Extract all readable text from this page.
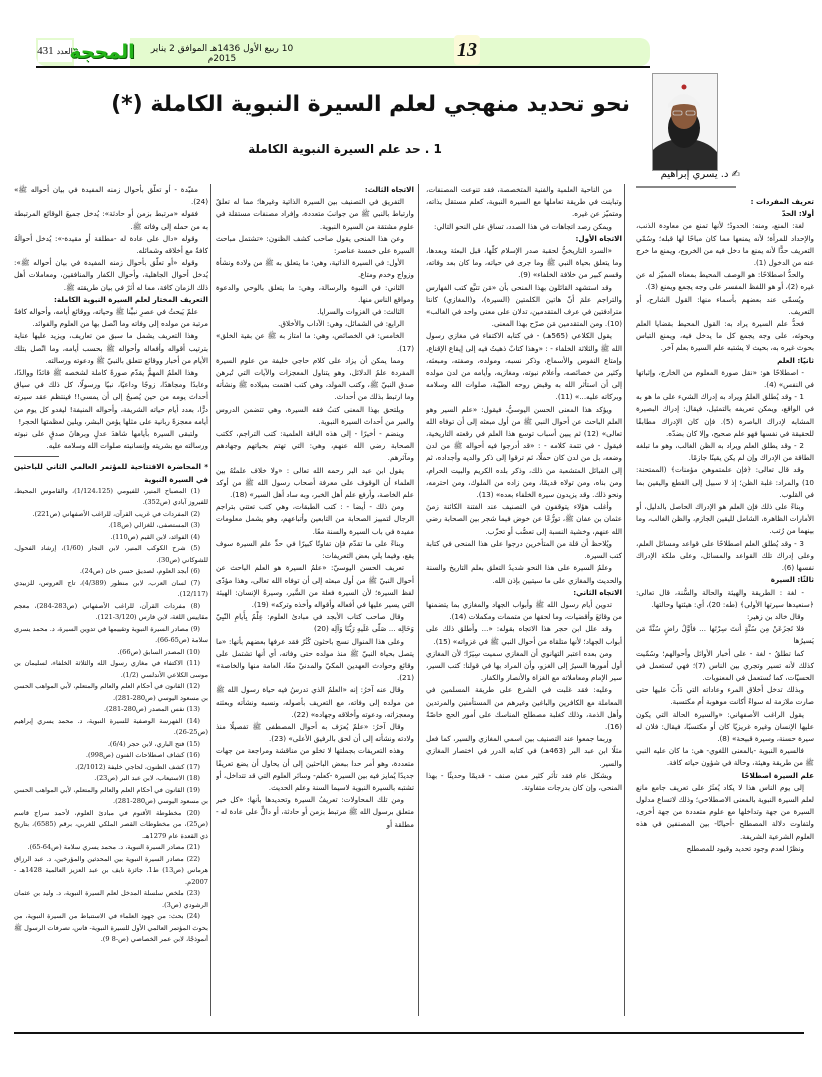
العدد
431 المحجة	10 ربيع الأول 1436هـ الموافق 2 يناير 2015م	13
نحو تحديد منهجي لعلم السيرة النبوية الكاملة (*)
1 . حد علم السيرة النبوية الكاملة
✍ د. يسري إبراهيم

تعريف المفردات :

أولا: الحدّ

لغة: المنع، ومنه: الحدودُ؛ لأنها تمنع من معاودة الذنب، والإحداد للمرأة؛ لأنه يمنعها مما كان مباحًا لها قبله؛ وسُمّي التعريف حدًّا لأنه يمنع ما دخل فيه من الخروج، ويمنع ما خرج عنه من الدخول (1).

والحدُّ اصطلاحًا: هو الوصف المحيط بمعناه المميّز له عن غيره (2)، أو هو اللفظ المفسر على وجه يجمع ويمنع (3).

ويُسمّى عند بعضهم بأسماء منها: القول الشارح، أو التعريف.

فحدُّ علم السيرة يراد به: القول المحيط بقضايا العلم وبحوثه، على وجه يجمع كل ما يدخل فيه، ويمنع التباس بحوث غيره به، بحيث لا يشتبه علم السيرة بعلم آخر.

ثانيًا: العلم

- اصطلاحًا هو: «نقل صورة المعلوم من الخارج، وإثباتها في النفس» (4).

1 - وقد يُطلق العلمُ ويراد به إدراك الشيء على ما هو به في الواقع، ويمكن تعريفه بالتمثيل، فيقال: إدراك البصيرة المشابه لإدراك الباصرة (5). فإن كان الإدراك مطابقًا للحقيقة في نفسها فهو علم صحيح، وإلا كان بضدّه.

2 - وقد يطلق العلم ويراد به الظن الغالب، وهو ما تبلغه الطاقة من الإدراك وإن لم يكن يقينًا جازمًا.

وقد قال تعالى: ﴿فإن علمتموهن مؤمنات﴾ (الممتحنة: 10) والمراد: غلبة الظن؛ إذ لا سبيل إلى القطع واليقين بما في القلوب.

وبناءً على ذلك فإن العلم هو الإدراك الحاصل بالدليل، أو الأمارات الظاهرة، الشامل لليقين الجازم، والظن الغالب، وما بينهما من رُتب.

3 - وقد يُطلق العلم اصطلاحًا على قواعد ومسائل العلم، وعلى إدراك تلك القواعد والمسائل، وعلى ملكة الإدراك نفسها (6).

ثالثًا: السيرة

- لغة : الطريقة والهيئة والحالة والسُّنة، قال تعالى: ﴿سنعيدها سيرتها الأولى﴾ (طه: 20)، أي: هيئتها وحالتها.

وقال خالد بن زهير:

فلا تَجزَعَنْ مِن سُنَّةٍ أنتَ سِرْتَها ... فأوَّلُ راضٍ سُنَّةً مَن يَسيرُها

كما تطلقُ - لغة - على أخبار الأوائل وأحوالهم؛ وسُمّيت كذلك لأنه تسير وتجري بين الناس (7)؛ فهي تُستعمل في الحسيّات، كما تُستعمل في المعنويات.

وبذلك تدخل أخلاق المرء وعاداته التي دَأَبَ عليها حتى صارت ملازمة له سواءً أكانت موهوبة أم مكتسبة.

يقول الراغب الأصفهاني: «والسيرة الحالة التي يكون عليها الإنسان وغيره غريزيًا كان أو مكتسبًا، فيقال: فلان له سيرة حسنة، وسيرة قبيحة» (8).

فالسيرة النبوية -بالمعنى اللغوي- هي: ما كان عليه النبي ﷺ من طريقة وهيئة، وحالة في شؤون حياته كافة.

علم السيرة اصطلاحًا

إلى يوم الناس هذا لا يكاد يُعثَرُ على تعريف جامع مانع لعلم السيرة النبوية بالمعنى الاصطلاحي؛ وذلك لاتساع مدلول السيرة من جهة وتداخلها مع علوم متعددة من جهة أخرى، ولتفاوت دلالة المصطلح -أحيانًا- بين المصنفين في هذه العلوم الشرعية الشريفة.

ونظرًا لعدم وجود تحديد وقيود للمصطلح

من الناحية العلمية والفنية المتخصصة، فقد تنوعت المصنفات، وتباينت في طريقة تعاملها مع السيرة النبوية، كعلم مستقل بذاته، ومتميّز عن غيره.

ويمكن رصد اتجاهات في هذا الصدد، تساق على النحو التالي:

الاتجاه الأول:

«السرد التاريخيُّ لحقبة صدر الإسلام كلّها، قبل البعثة وبعدها، وما يتعلق بحياة النبي ﷺ وما جرى في حياته، وما كان بعد وفاته، وقسم كبير من خلافة الخلفاء» (9).

وقد استشهد القائلون بهذا المنحى بأن «مَن تتبَّع كتب الفهارس والتراجم علمَ أنّ هاتين الكلمتين (السيرة)، و(المغازي) كانتا مترادفتين في عرف المتقدمين، تدلان على معنى واحد في الغالب» (10). ومن المتقدمين مَن صرّح بهذا المعنى.

يقول الكلاعي (565هـ) - في كتابه الاكتفاء في مغازي رسول الله ﷺ والثلاثة الخلفاء - : «وهذا كتابٌ ذهبتُ فيه إلى إيقاع الإقناع، وإمتاع النفوس والأسماع، وذكر نسبه، ومولده، وصفته، ومبعثه، وكثير من خصائصه، وأعلام نبوته، ومغازيه، وأيامه من لدن مولده إلى أن استأثر الله به وقبض روحه الطيّبة، صلوات الله وسلامه وبركاته عليه...» (11).

ويؤكد هذا المعنى الحسن اليوسيُّ، فيقول: «علم السير وهو العلم الباحث عن أحوال النبي ﷺ من أول مبعثه إلى أن توفاه الله تعالى» (12) ثم يبين أسباب توسع هذا العلم في رقعته التاريخية، فيقول - في تتمة كلامه - : «قد أدرجوا فيه أحواله ﷺ من لدن وضعه، بل من لدن كان حملًا، ثم ترقوا إلى ذكر والديه وأجداده، ثم إلى القبائل المتشعبة من ذلك، وذكر بلده الكريم والبيت الحرام، ومن بناه، ومن تولاه قديمًا، ومن زاده من الملوك، ومن احترمه، ونحو ذلك. وقد يزيدون سيرة الخلفاء بعده» (13).

وأغلب هؤلاء يتوقفون في التصنيف عند الفتنة الكائنة زمنَ عثمان بن عفان ﷺ، تورُّعًا عن خوض فيما شجر بين الصحابة رضي الله عنهم، وخشية النسبة إلى تعصُّب أو تحزّب.

ويُلاحظ أن قلة من المتأخرين درجوا على هذا المنحى في كتابة كتب السيرة.

وعلمُ السيرة على هذا النحو شديدُ التعلق بعلم التاريخ والسنة والحديث والمغازي على ما سيتبين بإذن الله.

الاتجاه الثاني:

تدوين أيام رسول الله ﷺ وأبواب الجهاد والمغازي بما يتضمنها من وقائعَ وأقضيات، وما لحقها من متممات ومكملات (14).

وقد علل ابن حجر هذا الاتجاه بقوله: «... وأطلق ذلك على أبواب الجهاد؛ لأنها متلقاة من أحوال النبي ﷺ في غزواته» (15).

ومن بعده اعتبر التهانوي أن المغازي سميت سِيَرًا؛ لأن المغازي أول أمورها السيرُ إلى الغزو، وأن المراد بها في قولنا: كتب السير، سير الإمام ومعاملاته مع الغزاة والأنصار والكفار.

وعليه: فقد غلبت في الشرع على طريقة المسلمين في المعاملة مع الكافرين والباغين وغيرهم من المستأمنين والمرتدين وأهل الذمة، وذلك كغلبة مصطلح المناسك على أمور الحج خاصّةً (16).

وربما جمعوا عند التصنيف بين اسمي المغازي والسير، كما فعل مثلًا ابن عبد البر (463هـ) في كتابه الدرر في اختصار المغازي والسير.

وبشكل عام فقد تأثر كثير ممن صنف - قديمًا وحديثًا - بهذا المنحى، وإن كان بدرجات متفاوتة.

الاتجاه الثالث:

التفريق في التصنيف بين السيرة الذاتية وغيرها؛ مما له تعلقٌ وارتباط بالنبي ﷺ من جوانبَ متعددة، وإفراد مصنفات مستقلة في علوم مشتقة من السيرة النبوية.

وعن هذا المنحى يقول صاحب كشف الظنون: «تشتمل مباحث السيرة على خمسة عناصر:

الأول: في السيرة الذاتية، وهي: ما يتعلق به ﷺ من ولادة ونشأة وزواج وخدم ومتاع.

الثاني: في النبوة والرسالة، وهي: ما يتعلق بالوحي والدعوة ومواقع الناس منها.

الثالث: في الغزوات والسرايا.

الرابع: في الشمائل، وهي: الآداب والأخلاق.

الخامس: في الخصائص، وهي: ما امتاز به ﷺ عن بقية الخلق» (17).

ومما يمكن أن يزاد على كلام حاجي خليفة من علوم السيرة المفردة علمُ الدلائل، وهو يتناول المعجزات والآيات التي تُبرهن صدق النبيّ ﷺ، وكتب المولد، وهي كتب اهتمت بميلاده ﷺ ونشأته وما ارتبط بذلك من أحداث.

ويلتحق بهذا المعنى كتبُ فقه السيرة، وهي تتضمن الدروس والعبر من أحداث السيرة النبوية.

وينضم - أخيرًا - إلى هذه الباقة العلمية: كتب التراجم، ككتب الصحابة رضي الله عنهم، وهي: التي تهتم بحياتهم وجهادهم ومآثرهم.

يقول ابن عبد البر رحمه الله تعالى : «ولا خلاف علمتُهُ بين العلماء أن الوقوف على معرفة أصحاب رسول الله ﷺ من أوكد علم الخاصة، وأرفع علم أهل الخبر، وبه ساد أهل السير» (18).

ومن ذلك - أيضا - : كتب الطبقات، وهي كتب تعتني بتراجم الرجال لتمييز الصحابة من التابعين وأتباعهم، وهو يشمل معلومات مفيدة في باب السيرة والسنة معًا.

وبناءً على ما تقدّم فإن تفاوتًا كبيرًا في حدِّ علم السيرة سوف يقع، وفيما يلي بعض التعريفات:

تعريف الحسن اليوسيّ: «علمُ السيرة هو العلم الباحث عن أحوال النبيّ ﷺ من أول مبعثه إلى أن توفاه الله تعالى، وهذا مؤدّى لفظ السيرة؛ لأن السيرة فعلة من السَّير، وسيرةُ الإنسان: الهيئة التي يسير عليها في أفعاله وأقواله وأخذه وتركه» (19).

وقال صاحب كتاب الأبجد في مبادئ العلوم: عِلْمُ بِأَيامِ النّبِيّ وَحَالِه ... صَلّى عَلَيهِ رَبُّنَا وَآلِه (20)

وعلى هذا المنوال نسج باحثون كُثُرٌ فقد عرفها بعضهم بأنها: «ما يتصل بحياة النبيّ ﷺ منذ مولده حتى وفاته، أي أنها تشتمل على وقائع وحوادث العهدين المكيّ والمدنيّ معًا، العامة منها والخاصة» (21).

وقال عنه آخرُ: إنه «العلمُ الذي تدرسُ فيه حياة رسول الله ﷺ من مولده إلى وفاته، مع التعريف بأصوله، ونسبه ونشأته وبعثته ومعجزاته، ودعوته وأخلاقه وجهاده» (22).

وقال آخرُ: «علمٌ يُعرَف به أحوال المصطفى ﷺ تفصيلًا منذ ولادته ونشأته إلى أن لحق بالرفيق الأعلى» (23).

وهذه التعريفات بجملتها لا تخلو من مناقشة ومراجعة من جهات متعددة، وهو أمر حدا ببعض الباحثين إلى أن يحاول أن يضع تعريفًا جديدًا يُمايز فيه بين السيرة -كعلم- وسائر العلوم التي قد تتداخل، أو تشتبه بالسيرة النبوية لاسيما السنة وعلم الحديث.

ومن تلك المحاولات: تعريفُ السيرة وتحديدها بأنها: «كل خبر متعلق برسول الله ﷺ مرتبط بزمن أو حادثة، أو دالٍّ على عادة له - مطلقة أو

مقيّدة - أو تعلّق بأحوال زمنه المفيدة في بيان أحواله ﷺ» (24).

فقوله «مرتبط بزمن أو حادثة»: يُدخل جميعَ الوقائع المرتبطة به من حمله إلى وفاته ﷺ.

وقوله «دال على عادة له -مطلقة أو مقيدة-»: يُدخل أحوالَهُ كافةً مع أخلاقه وشمائله.

وقوله «أو تعلّق بأحوال زمنه المفيدة في بيان أحواله ﷺ»: يُدخل أحوال الجاهلية، وأحوال الكفار والمنافقين، ومعاملات أهل ذلك الزمان كافة، مما له أثرٌ في بيان طريقته ﷺ.

التعريف المختار لعلم السيرة النبوية الكاملة:

علمٌ يَبحثُ في عصرِ نبيِّنا ﷺ وحياته، ووقائع أيامه، وأحواله كافةً مرتبة من مولده إلى وفاته وما اتّصل بها من العلوم والفوائد.

وهذا التعريف يشمل ما سبق من تعاريف، ويزيد عليها عناية بترتيب أقواله وأفعاله وأحواله ﷺ بحسب أيامه، وما اتّصل بتلك الأيام من أخبار ووقائع تتعلق بالنبيّ ﷺ ودعوته ورسالته.

وهذا العلمُ المهمُّ يقدّم صورةً كاملة لشخصه ﷺ قائدًا ووالدًا، وعابدًا ومجاهدًا، زوجًا وداعيًا، نبيًا ورسولًا، كل ذلك في سياق أحداث يومه من حين يُصبحُ إلى أن يمسي!! فينتظم عقد سيرته درًّا، بعدد أيام حياته الشريفة، وأحواله المنيفة! ليغدو كل يوم من أيامه معجزةً ربانية على مثلها يؤمن البشر، ويلين لعظمتها الحجر!

ولتبقى السيرة بأيامها شاهدَ عدلٍ وبرهانَ صدقٍ على نبوته ورسالته مع بشريته وإنسانيته صلوات الله وسلامه عليه.

* المحاضرة الافتتاحية للمؤتمر العالمي الثاني للباحثين في السيرة النبوية

(1) المصباح المنير، للفيومي (1/124،125)، والقاموس المحيط، للفيروز آبادي (ص352).

(2) المفردات في غريب القرآن، للراغب الأصفهاني (ص221).

(3) المستصفى، للغزالي (ص18).

(4) الفوائد، لابن القيم (ص110).

(5) شرح الكوكب المنير، لابن النجار (1/60)، إرشاد الفحول، للشوكاني (ص30).

(6) أبجد العلوم، لصديق حسن خان (ص24).

(7) لسان العرب، لابن منظور (4/389)، تاج العروس، للزبيدي (12/117).

(8) مفردات القرآن، للراغب الأصفهاني (ص283-284)، معجم مقاييس اللغة، لابن فارس (3/120-121).

(9) مصادر السيرة النبوية وتقييمها في تدوين السيرة، د. محمد يسري سلامة (ص65-66).

(10) المصدر السابق (ص66).

(11) الاكتفاء في مغازي رسول الله والثلاثة الخلفاء، لسليمان بن موسى الكلاعي الأندلسي (1/2).

(12) القانون في أحكام العلم والعالم والمتعلم، لأبي المواهب الحسن بن مسعود اليوسي (ص280-281).

(13) نفس المصدر (ص280-281).

(14) الفهرسة الوصفية للسيرة النبوية، د. محمد يسري إبراهيم (ص25-26).

(15) فتح الباري، لابن حجر (6/4).

(16) كشاف اصطلاحات الفنون (ص998).

(17) كشف الظنون، لحاجي خليفة (2/1012).

(18) الاستيعاب، لابن عبد البر (ص23).

(19) القانون في أحكام العلم والعالم والمتعلم، لأبي المواهب الحسن بن مسعود اليوسي (ص280-281).

(20) مخطوطة الأقنوم في مبادئ العلوم، لأحمد سراج قاسم (ص25)، من مخطوطات القصر الملكي للغربي، برقم (6585)، بتاريخ ذي القعدة عام 1279هـ.

(21) مصادر السيرة النبوية، د. محمد يسري سلامة (ص64-65).

(22) مصادر السيرة النبوية بين المحدثين والمؤرخين، د. عبد الرزاق هرماس (ص13) ط1، جائزة نايف بن عبد العزيز العالمية 1428هـ - 2007م.

(23) ملخص سلسلة المدخل لعلم السيرة النبوية، د. وليد بن عثمان الرشودي (ص3).

(24) بحث: من جهود العلماء في الاستنباط من السيرة النبوية، من بحوث المؤتمر العالمي الأول للسيرة النبوية- فاس، تصرفات الرسول ﷺ أنموذجًا، لابن عمر الخصاصي (ص-8 9).
